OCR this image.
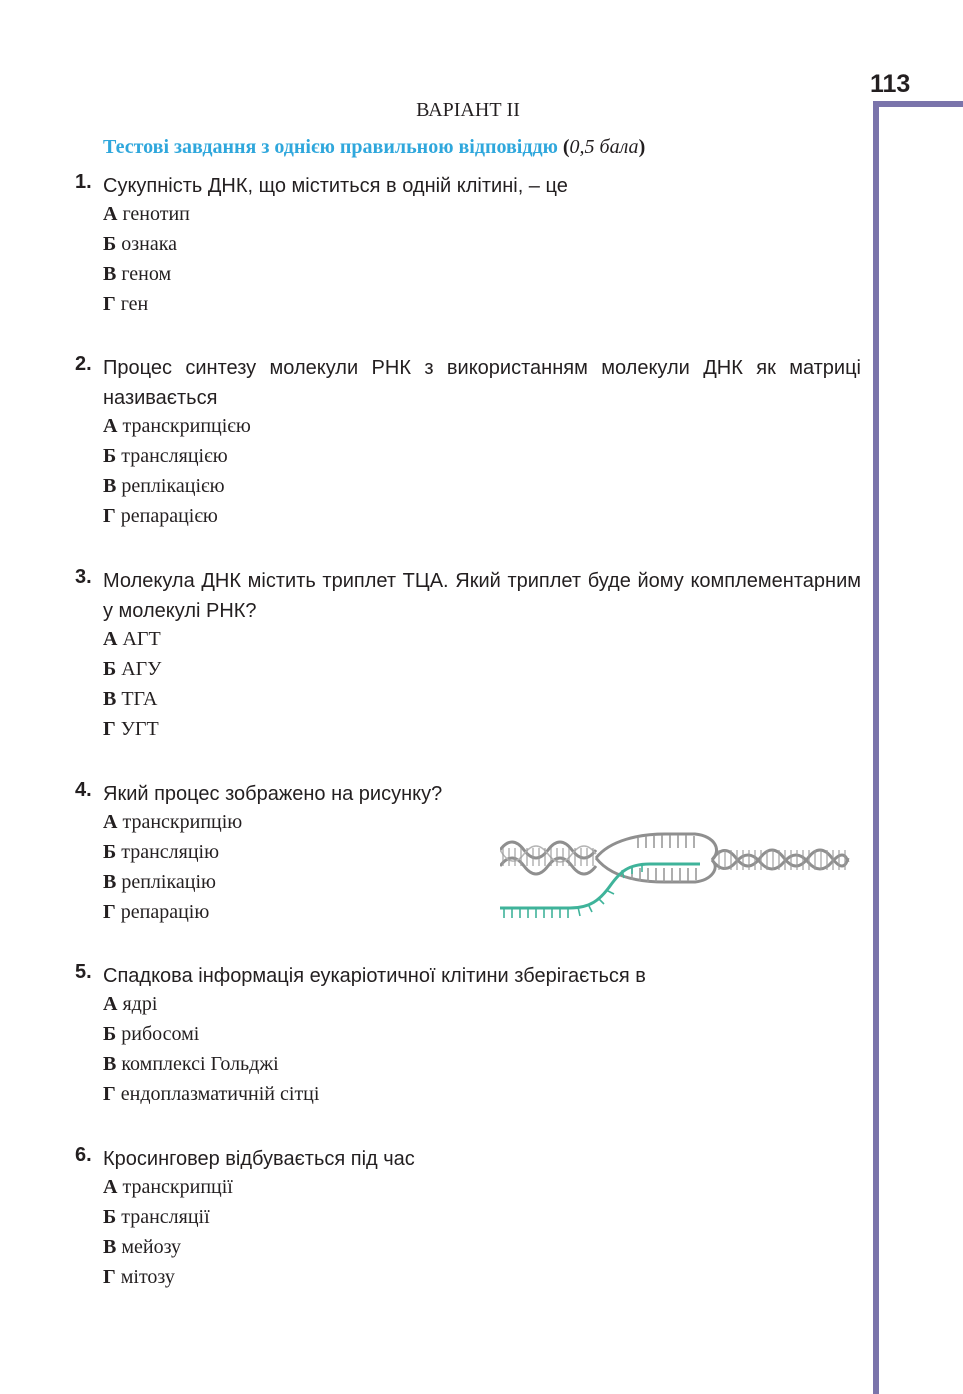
113
ВАРІАНТ ІІ
Тестові завдання з однією правильною відповіддю (0,5 бала)
1. Сукупність ДНК, що міститься в одній клітині, – це
А генотип
Б ознака
В геном
Г ген
2. Процес синтезу молекули РНК з використанням молекули ДНК як матриці називається
А транскрипцією
Б трансляцією
В реплікацією
Г репарацією
3. Молекула ДНК містить триплет ТЦА. Який триплет буде йому комплементарним у молекулі РНК?
А АГТ
Б АГУ
В ТГА
Г УГТ
4. Який процес зображено на рисунку?
А транскрипцію
Б трансляцію
В реплікацію
Г репарацію
5. Спадкова інформація еукаріотичної клітини зберігається в
А ядрі
Б рибосомі
В комплексі Гольджі
Г ендоплазматичній сітці
6. Кросинговер відбувається під час
А транскрипції
Б трансляції
В мейозу
Г мітозу
